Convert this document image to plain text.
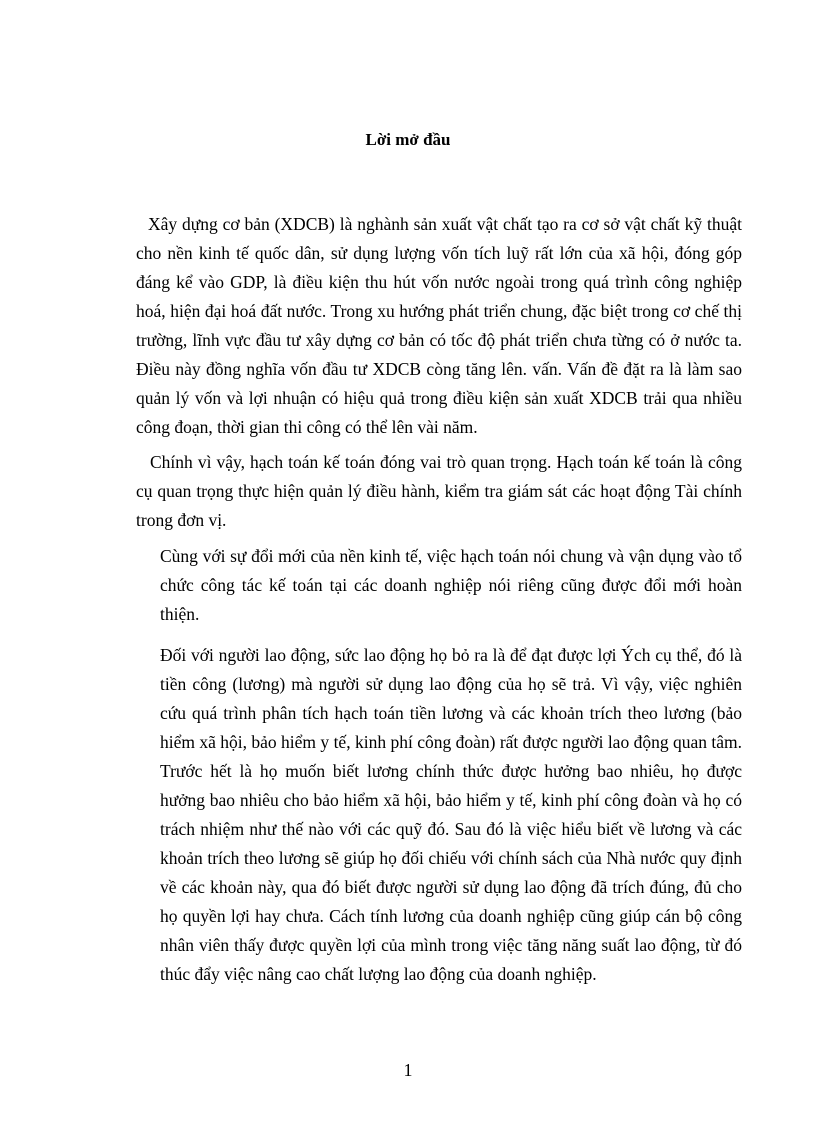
Lời mở đầu

Xây dựng cơ bản (XDCB) là nghành sản xuất vật chất tạo ra cơ sở vật chất kỹ thuật cho nền kinh tế quốc dân, sử dụng lượng vốn tích luỹ rất lớn của xã hội, đóng góp đáng kể vào GDP, là điều kiện thu hút vốn nước ngoài trong quá trình công nghiệp hoá, hiện đại hoá đất nước. Trong xu hướng phát triển chung, đặc biệt trong cơ chế thị trường, lĩnh vực đầu tư xây dựng cơ bản có tốc độ phát triển chưa từng có ở nước ta. Điều này đồng nghĩa vốn đầu tư XDCB còng tăng lên. vấn. Vấn đề đặt ra là làm sao quản lý vốn và lợi nhuận có hiệu quả trong điều kiện sản xuất XDCB trải qua nhiều công đoạn, thời gian thi công có thể lên vài năm.

Chính vì vậy, hạch toán kế toán đóng vai trò quan trọng. Hạch toán kế toán là công cụ quan trọng thực hiện quản lý điều hành, kiểm tra giám sát các hoạt động Tài chính trong đơn vị.

Cùng với sự đổi mới của nền kinh tế, việc hạch toán nói chung và vận dụng vào tổ chức công tác kế toán tại các doanh nghiệp nói riêng cũng được đổi mới hoàn thiện.

Đối với người lao động, sức lao động họ bỏ ra là để đạt được lợi Ých cụ thể, đó là tiền công (lương) mà người sử dụng lao động của họ sẽ trả. Vì vậy, việc nghiên cứu quá trình phân tích hạch toán tiền lương và các khoản trích theo lương (bảo hiểm xã hội, bảo hiểm y tế, kinh phí công đoàn) rất được người lao động quan tâm. Trước hết là họ muốn biết lương chính thức được hưởng bao nhiêu, họ được hưởng bao nhiêu cho bảo hiểm xã hội, bảo hiểm y tế, kinh phí công đoàn và họ có trách nhiệm như thế nào với các quỹ đó. Sau đó là việc hiểu biết về lương và các khoản trích theo lương sẽ giúp họ đối chiếu với chính sách của Nhà nước quy định về các khoản này, qua đó biết được người sử dụng lao động đã trích đúng, đủ cho họ quyền lợi hay chưa. Cách tính lương của doanh nghiệp cũng giúp cán bộ công nhân viên thấy được quyền lợi của mình trong việc tăng năng suất lao động, từ đó thúc đẩy việc nâng cao chất lượng lao động của doanh nghiệp.

1
